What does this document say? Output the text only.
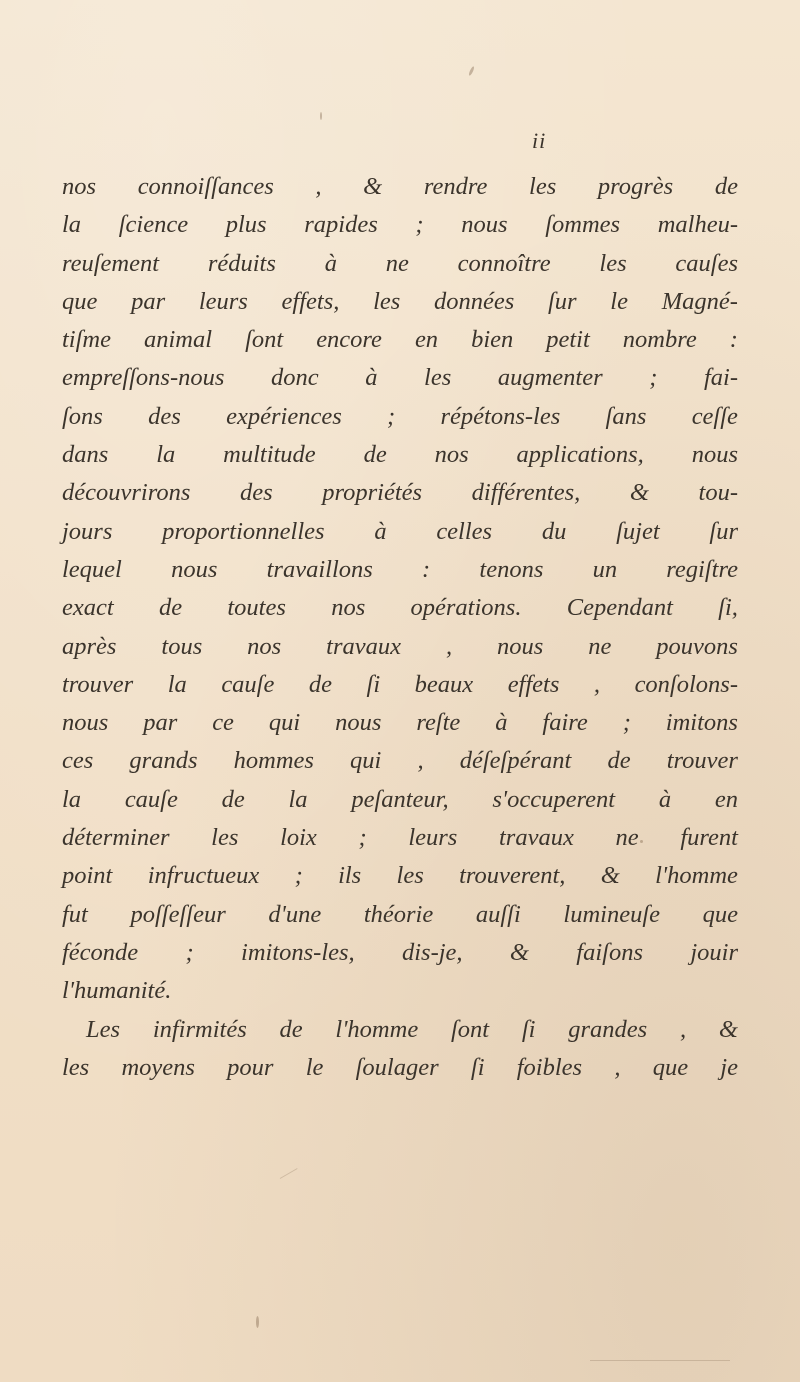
ii
nos connoiſſances , & rendre les progrès de
la ſcience plus rapides ; nous ſommes malheu-
reuſement réduits à ne connoître les cauſes
que par leurs effets, les données ſur le Magné-
tiſme animal ſont encore en bien petit nombre :
empreſſons-nous donc à les augmenter ; fai-
ſons des expériences ; répétons-les ſans ceſſe
dans la multitude de nos applications, nous
découvrirons des propriétés différentes, & tou-
jours proportionnelles à celles du ſujet ſur
lequel nous travaillons : tenons un regiſtre
exact de toutes nos opérations. Cependant ſi,
après tous nos travaux , nous ne pouvons
trouver la cauſe de ſi beaux effets , conſolons-
nous par ce qui nous reſte à faire ; imitons
ces grands hommes qui , déſeſpérant de trouver
la cauſe de la peſanteur, s'occuperent à en
déterminer les loix ; leurs travaux ne furent
point infructueux ; ils les trouverent, & l'homme
fut poſſeſſeur d'une théorie auſſi lumineuſe que
féconde ; imitons-les, dis-je, & faiſons jouir
l'humanité.
Les infirmités de l'homme ſont ſi grandes , &
les moyens pour le ſoulager ſi foibles , que je
